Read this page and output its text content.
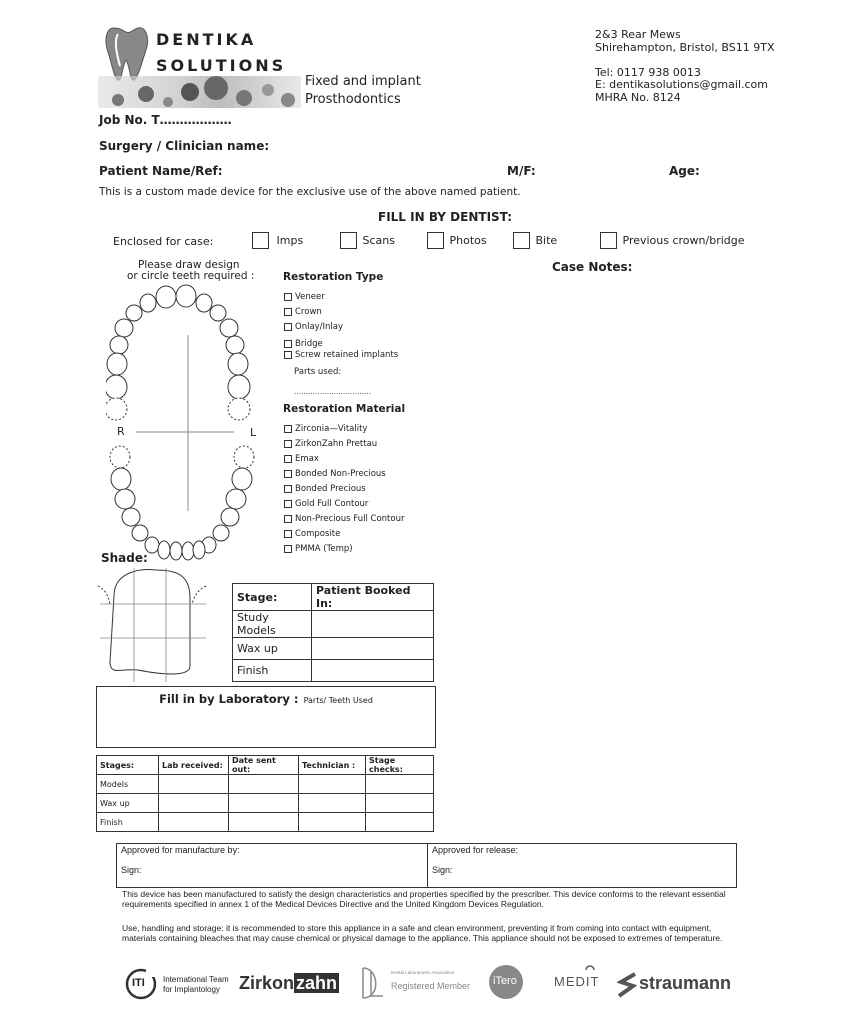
DENTIKA
SOLUTIONS
Fixed and implant
Prosthodontics
2&3 Rear Mews
Shirehampton, Bristol, BS11 9TX
Tel: 0117 938 0013
E: dentikasolutions@gmail.com
MHRA No. 8124
Job No. T………………
Surgery / Clinician name:
Patient Name/Ref:	M/F:	Age:
This is a custom made device for the exclusive use of the above named patient.
FILL IN BY DENTIST:
Enclosed for case:	Imps	Scans	Photos	Bite	Previous crown/bridge
Please draw design
or circle teeth required :
Case Notes:
R	L
Restoration Type
Veneer
Crown
Onlay/Inlay
Bridge
Screw retained implants
Parts used:
……………………………
Restoration Material
Zirconia—Vitality
ZirkonZahn Prettau
Emax
Bonded Non-Precious
Bonded Precious
Gold Full Contour
Non-Precious Full Contour
Composite
PMMA (Temp)
Shade:
Stage:	Patient Booked In:
Study Models	
Wax up	
Finish	
Fill in by Laboratory : Parts/ Teeth Used
Stages:	Lab received:	Date sent out:	Technician :	Stage checks:
Models				
Wax up				
Finish				
Approved for manufacture by:
Sign:
Approved for release:
Sign:
This device has been manufactured to satisfy the design characteristics and properties specified by the prescriber. This device conforms to the relevant essential requirements specified in annex 1 of the Medical Devices Directive and the United Kingdom Devices Regulation.
Use, handling and storage: it is recommended to store this appliance in a safe and clean environment, preventing it from coming into contact with equipment, materials containing bleaches that may cause chemical or physical damage to the appliance. This appliance should not be exposed to extremes of temperature.
ITI International Team
for Implantology Zirkon zahn
Dental Laboratories Association
Registered Member iTero	MEDIT straumann
